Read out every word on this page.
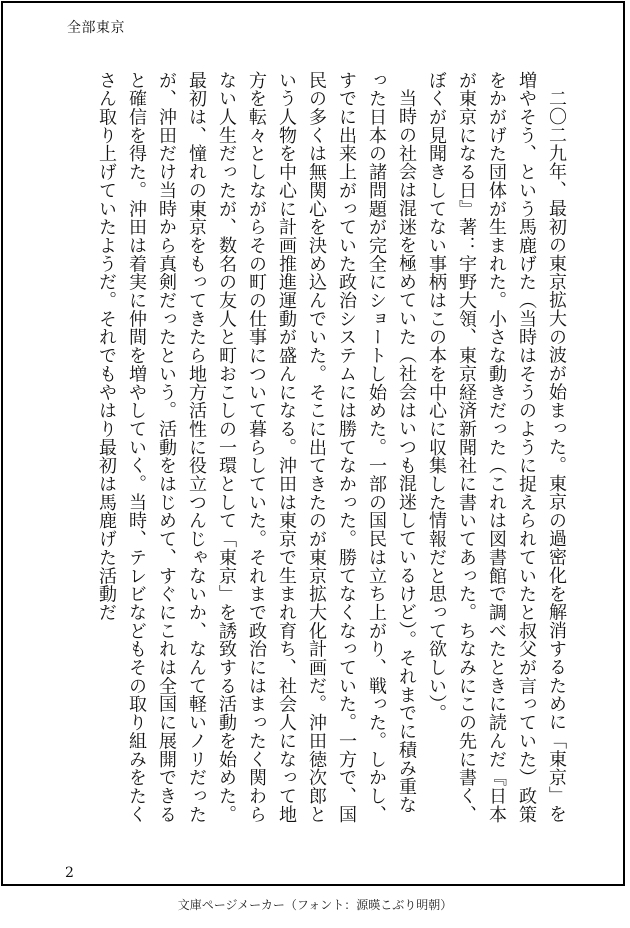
全部東京

二〇二九年、最初の東京拡大の波が始まった。東京の過密化を解消するために「東京」を増やそう、という馬鹿げた（当時はそうのように捉えられていたと叔父が言っていた）政策をかがげた団体が生まれた。小さな動きだった（これは図書館で調べたときに読んだ『日本が東京になる日』著：宇野大領、東京経済新聞社に書いてあった。ちなみにこの先に書く、ぼくが見聞きしてない事柄はこの本を中心に収集した情報だと思って欲しい）。

当時の社会は混迷を極めていた（社会はいつも混迷しているけど）。それまでに積み重なった日本の諸問題が完全にショートし始めた。一部の国民は立ち上がり、戦った。しかし、すでに出来上がっていた政治システムには勝てなかった。勝てなくなっていた。一方で、国民の多くは無関心を決め込んでいた。そこに出てきたのが東京拡大化計画だ。沖田徳次郎という人物を中心に計画推進運動が盛んになる。沖田は東京で生まれ育ち、社会人になって地方を転々としながらその町の仕事について暮らしていた。それまで政治にはまったく関わらない人生だったが、数名の友人と町おこしの一環として「東京」を誘致する活動を始めた。最初は、憧れの東京をもってきたら地方活性に役立つんじゃないか、なんて軽いノリだったが、沖田だけ当時から真剣だったという。活動をはじめて、すぐにこれは全国に展開できると確信を得た。沖田は着実に仲間を増やしていく。当時、テレビなどもその取り組みをたくさん取り上げていたようだ。それでもやはり最初は馬鹿げた活動だ

2
文庫ページメーカー（フォント：源暎こぶり明朝）
